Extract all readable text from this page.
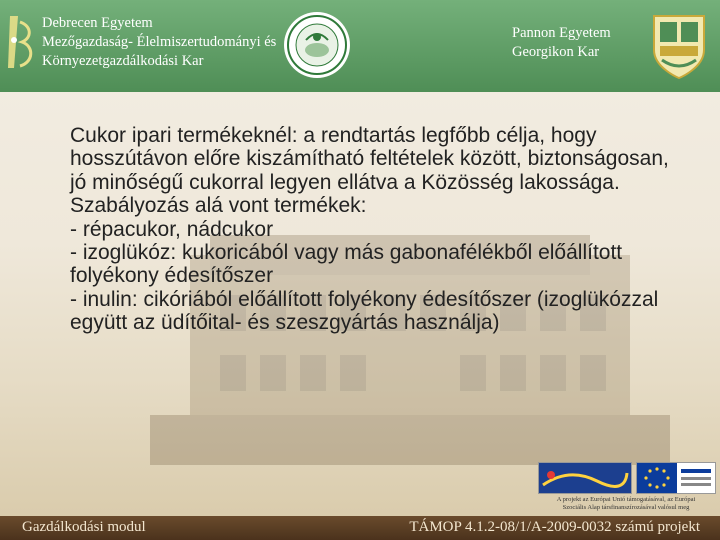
Debrecen Egyetem
Mezőgazdaság- Élelmiszertudományi és
Környezetgazdálkodási Kar
Pannon Egyetem
Georgikon Kar

Cukor ipari termékeknél: a rendtartás legfőbb célja, hogy hosszútávon előre kiszámítható feltételek között, biztonságosan, jó minőségű cukorral legyen ellátva a Közösség lakossága.

Szabályozás alá vont termékek:

- répacukor, nádcukor

- izoglükóz: kukoricából vagy más gabonafélékből előállított folyékony édesítőszer

- inulin: cikóriából előállított folyékony édesítőszer (izoglükózzal együtt az üdítőital- és szeszgyártás használja)

A projekt az Európai Unió támogatásával, az Európai
Szociális Alap társfinanszírozásával valósul meg
Gazdálkodási modul	TÁMOP 4.1.2-08/1/A-2009-0032 számú projekt
